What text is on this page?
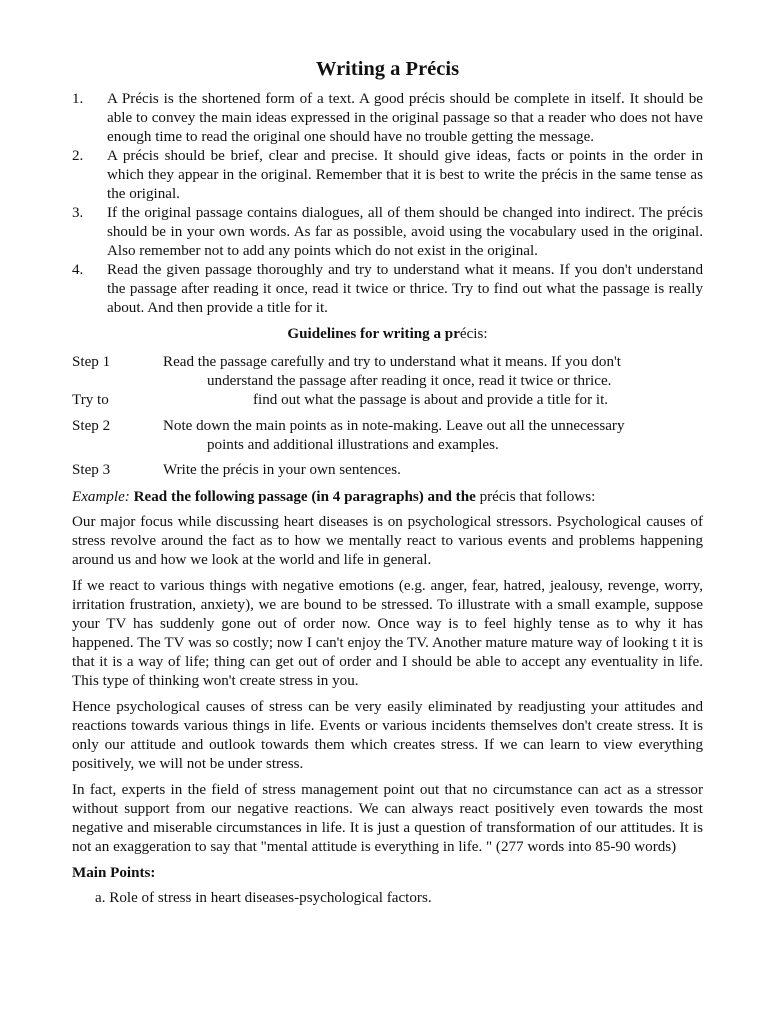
Writing a Précis
1. A Précis is the shortened form of a text. A good précis should be complete in itself. It should be able to convey the main ideas expressed in the original passage so that a reader who does not have enough time to read the original one should have no trouble getting the message.
2. A précis should be brief, clear and precise. It should give ideas, facts or points in the order in which they appear in the original. Remember that it is best to write the précis in the same tense as the original.
3. If the original passage contains dialogues, all of them should be changed into indirect. The précis should be in your own words. As far as possible, avoid using the vocabulary used in the original. Also remember not to add any points which do not exist in the original.
4. Read the given passage thoroughly and try to understand what it means. If you don't understand the passage after reading it once, read it twice or thrice. Try to find out what the passage is really about. And then provide a title for it.
Guidelines for writing a précis:
Step 1	Read the passage carefully and try to understand what it means. If you don't
understand the passage after reading it once, read it twice or thrice.
Try to	find out what the passage is about and provide a title for it.
Step 2	Note down the main points as in note-making. Leave out all the unnecessary
points and additional illustrations and examples.
Step 3	Write the précis in your own sentences.
Example: Read the following passage (in 4 paragraphs) and the précis that follows:

Our major focus while discussing heart diseases is on psychological stressors. Psychological causes of stress revolve around the fact as to how we mentally react to various events and problems happening around us and how we look at the world and life in general.

If we react to various things with negative emotions (e.g. anger, fear, hatred, jealousy, revenge, worry, irritation frustration, anxiety), we are bound to be stressed. To illustrate with a small example, suppose your TV has suddenly gone out of order now. Once way is to feel highly tense as to why it has happened. The TV was so costly; now I can't enjoy the TV. Another mature mature way of looking t it is that it is a way of life; thing can get out of order and I should be able to accept any eventuality in life. This type of thinking won't create stress in you.

Hence psychological causes of stress can be very easily eliminated by readjusting your attitudes and reactions towards various things in life. Events or various incidents themselves don't create stress. It is only our attitude and outlook towards them which creates stress. If we can learn to view everything positively, we will not be under stress.

In fact, experts in the field of stress management point out that no circumstance can act as a stressor without support from our negative reactions. We can always react positively even towards the most negative and miserable circumstances in life. It is just a question of transformation of our attitudes. It is not an exaggeration to say that "mental attitude is everything in life. " (277 words into 85-90 words)

Main Points:
a. Role of stress in heart diseases-psychological factors.
